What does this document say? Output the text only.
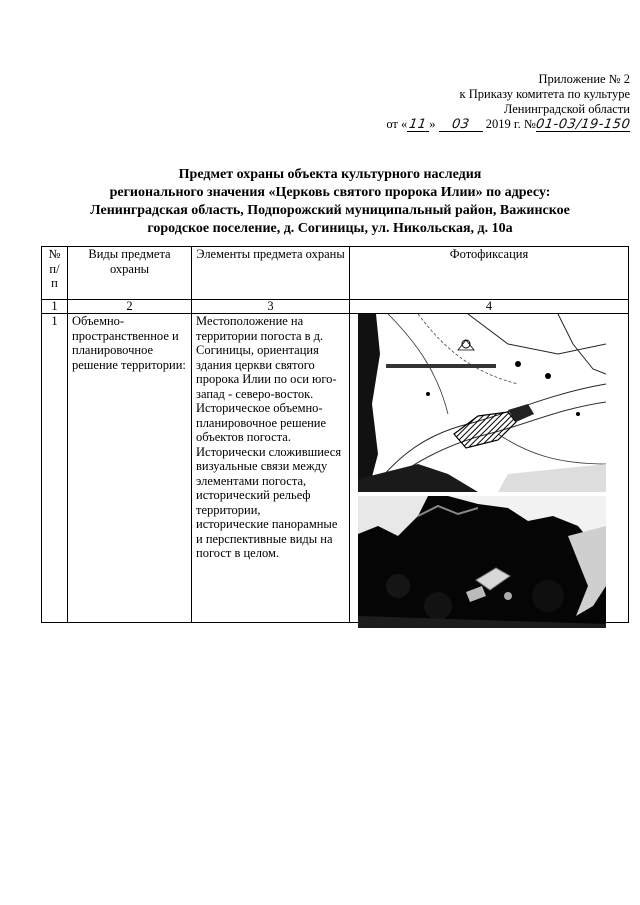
Приложение № 2
к Приказу комитета по культуре
Ленинградской области
от «11» 03 2019 г. №01-03/19-150
Предмет охраны объекта культурного наследия
регионального значения «Церковь святого пророка Илии» по адресу:
Ленинградская область, Подпорожский муниципальный район, Важинское
городское поселение, д. Согиницы, ул. Никольская, д. 10а
№ п/ п	Виды предмета охраны	Элементы предмета охраны	Фотофиксация
1	2	3	4
1	Объемно-пространственное и планировочное решение территории:	Местоположение на территории погоста в д. Согиницы, ориентация здания церкви святого пророка Илии по оси юго-запад - северо-восток.
Историческое объемно-планировочное решение объектов погоста.
Исторически сложившиеся визуальные связи между элементами погоста,
исторический рельеф территории,
исторические панорамные и перспективные виды на погост в целом.
